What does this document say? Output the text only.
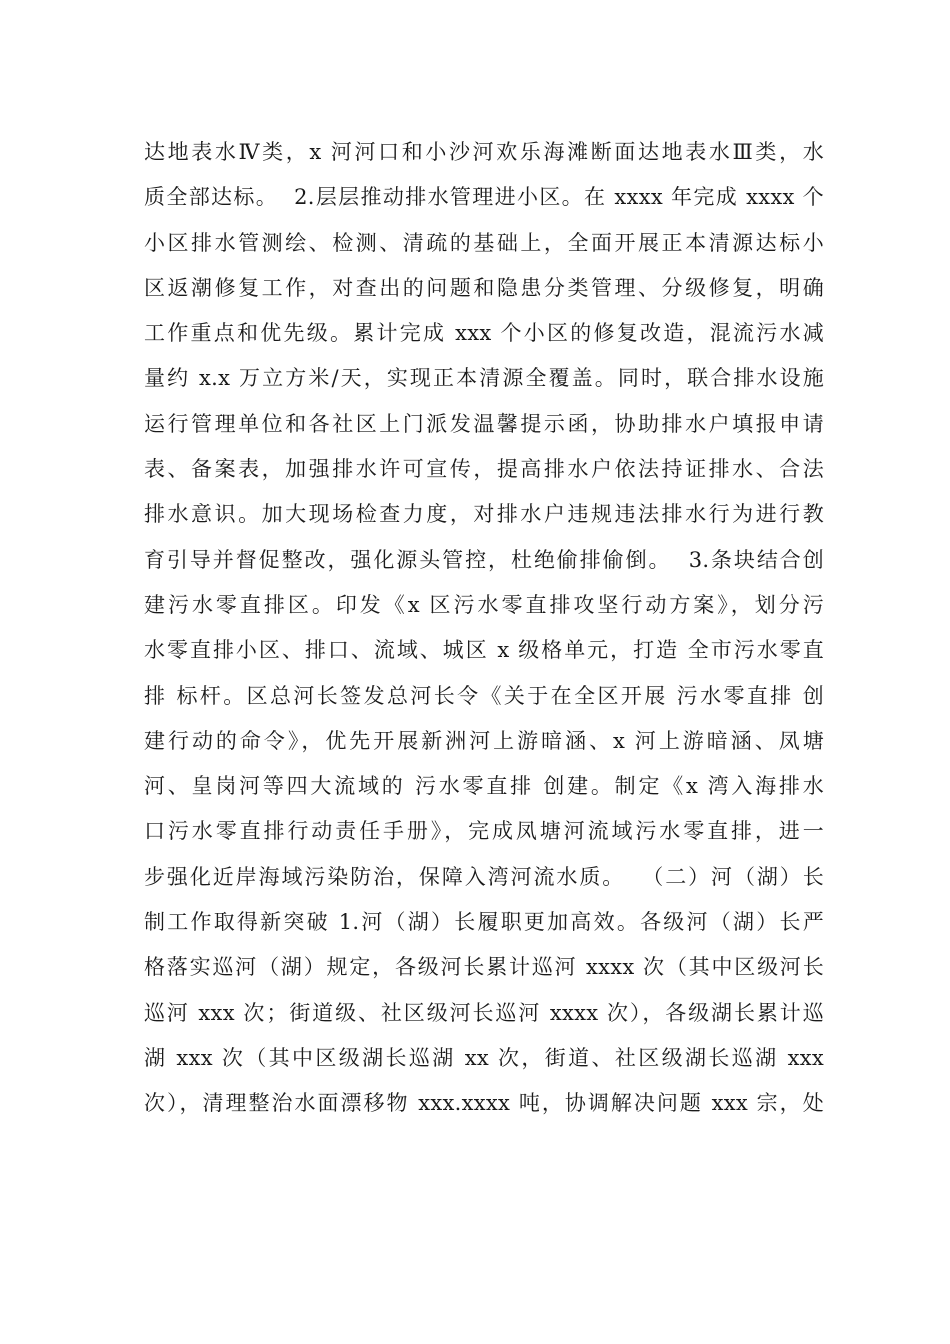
达地表水Ⅳ类，x 河河口和小沙河欢乐海滩断面达地表水Ⅲ类，水
质全部达标。  2.层层推动排水管理进小区。在 xxxx 年完成 xxxx 个
小区排水管测绘、检测、清疏的基础上，全面开展正本清源达标小
区返潮修复工作，对查出的问题和隐患分类管理、分级修复，明确
工作重点和优先级。累计完成 xxx 个小区的修复改造，混流污水减
量约 x.x 万立方米/天，实现正本清源全覆盖。同时，联合排水设施
运行管理单位和各社区上门派发温馨提示函，协助排水户填报申请
表、备案表，加强排水许可宣传，提高排水户依法持证排水、合法
排水意识。加大现场检查力度，对排水户违规违法排水行为进行教
育引导并督促整改，强化源头管控，杜绝偷排偷倒。  3.条块结合创
建污水零直排区。印发《x 区污水零直排攻坚行动方案》，划分污
水零直排小区、排口、流域、城区 x 级格单元，打造 全市污水零直
排 标杆。区总河长签发总河长令《关于在全区开展 污水零直排 创
建行动的命令》，优先开展新洲河上游暗涵、x 河上游暗涵、凤塘
河、皇岗河等四大流域的 污水零直排 创建。制定《x 湾入海排水
口污水零直排行动责任手册》，完成凤塘河流域污水零直排，进一
步强化近岸海域污染防治，保障入湾河流水质。  （二）河（湖）长
制工作取得新突破 1.河（湖）长履职更加高效。各级河（湖）长严
格落实巡河（湖）规定，各级河长累计巡河 xxxx 次（其中区级河长
巡河 xxx 次；街道级、社区级河长巡河 xxxx 次），各级湖长累计巡
湖 xxx 次（其中区级湖长巡湖 xx 次，街道、社区级湖长巡湖 xxx
次），清理整治水面漂移物 xxx.xxxx 吨，协调解决问题 xxx 宗，处
